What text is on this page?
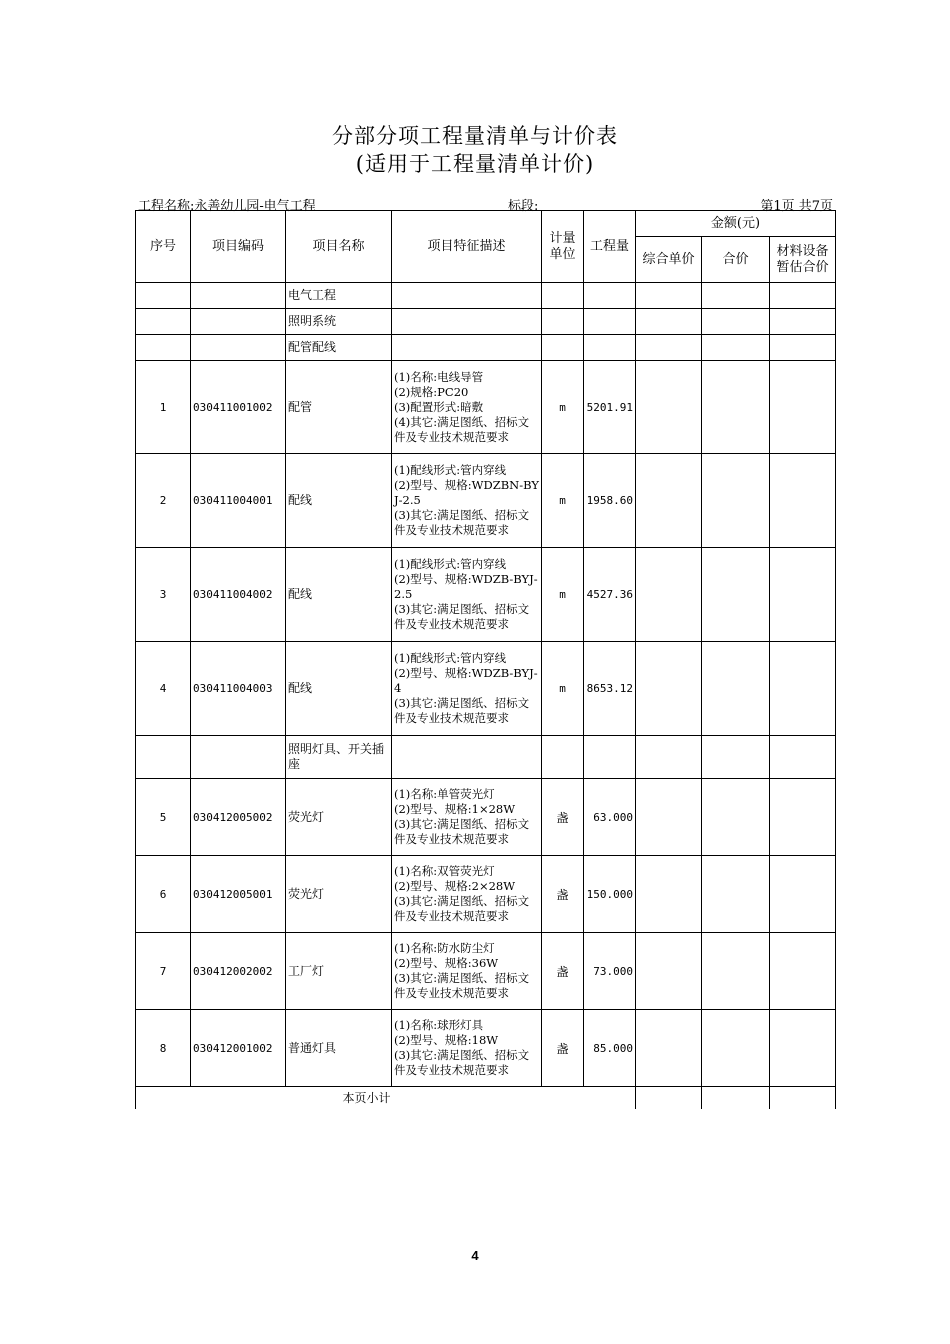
分部分项工程量清单与计价表
(适用于工程量清单计价)
工程名称:永善幼儿园-电气工程	标段:	第1页 共7页
序号	项目编码	项目名称	项目特征描述	计量单位	工程量	金额(元)		
						综合单价	合价	材料设备暂估合价
		电气工程						
		照明系统						
		配管配线						
1	030411001002	配管	(1)名称:电线导管
(2)规格:PC20
(3)配置形式:暗敷
(4)其它:满足图纸、招标文件及专业技术规范要求	m	5201.91			
2	030411004001	配线	(1)配线形式:管内穿线
(2)型号、规格:WDZBN-BYJ-2.5
(3)其它:满足图纸、招标文件及专业技术规范要求	m	1958.60			
3	030411004002	配线	(1)配线形式:管内穿线
(2)型号、规格:WDZB-BYJ-2.5
(3)其它:满足图纸、招标文件及专业技术规范要求	m	4527.36			
4	030411004003	配线	(1)配线形式:管内穿线
(2)型号、规格:WDZB-BYJ-4
(3)其它:满足图纸、招标文件及专业技术规范要求	m	8653.12			
		照明灯具、开关插座						
5	030412005002	荧光灯	(1)名称:单管荧光灯
(2)型号、规格:1×28W
(3)其它:满足图纸、招标文件及专业技术规范要求	盏	63.000			
6	030412005001	荧光灯	(1)名称:双管荧光灯
(2)型号、规格:2×28W
(3)其它:满足图纸、招标文件及专业技术规范要求	盏	150.000			
7	030412002002	工厂灯	(1)名称:防水防尘灯
(2)型号、规格:36W
(3)其它:满足图纸、招标文件及专业技术规范要求	盏	73.000			
8	030412001002	普通灯具	(1)名称:球形灯具
(2)型号、规格:18W
(3)其它:满足图纸、招标文件及专业技术规范要求	盏	85.000			
本页小计								
4
